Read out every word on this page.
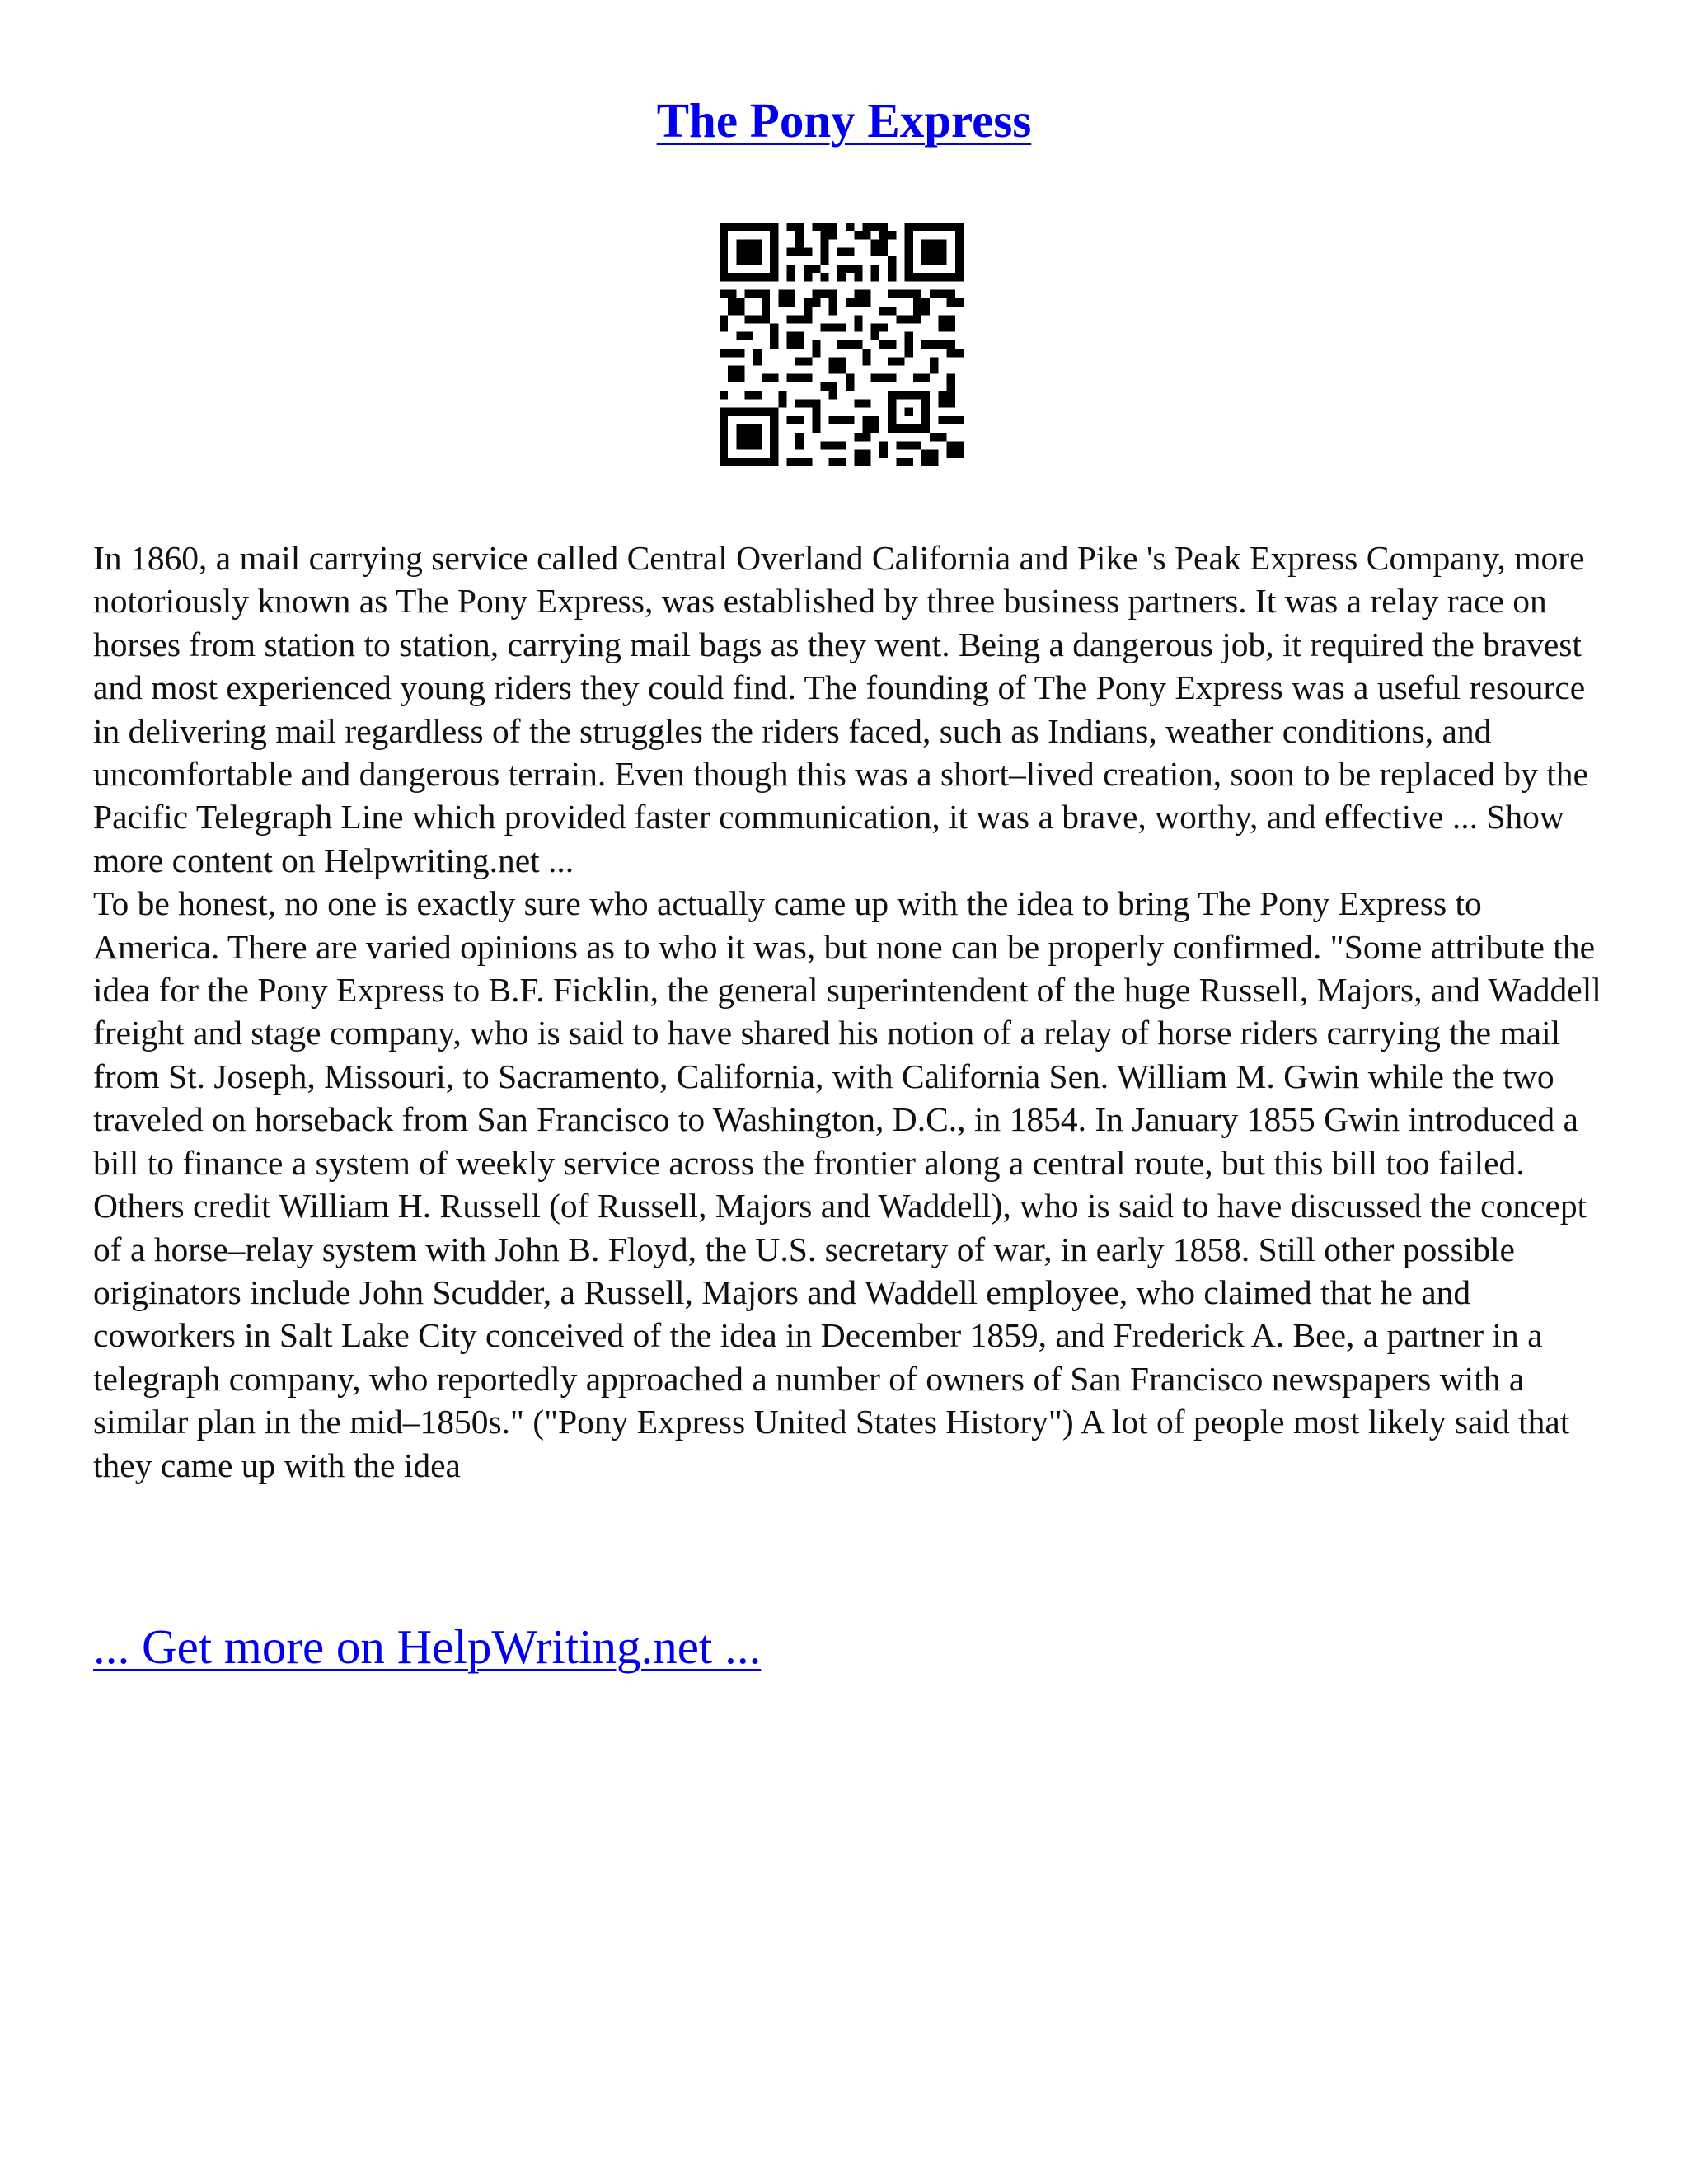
The Pony Express

In 1860, a mail carrying service called Central Overland California and Pike 's Peak Express Company, more notoriously known as The Pony Express, was established by three business partners. It was a relay race on horses from station to station, carrying mail bags as they went. Being a dangerous job, it required the bravest and most experienced young riders they could find. The founding of The Pony Express was a useful resource in delivering mail regardless of the struggles the riders faced, such as Indians, weather conditions, and uncomfortable and dangerous terrain. Even though this was a short–lived creation, soon to be replaced by the Pacific Telegraph Line which provided faster communication, it was a brave, worthy, and effective ... Show more content on Helpwriting.net ...

To be honest, no one is exactly sure who actually came up with the idea to bring The Pony Express to America. There are varied opinions as to who it was, but none can be properly confirmed. "Some attribute the idea for the Pony Express to B.F. Ficklin, the general superintendent of the huge Russell, Majors, and Waddell freight and stage company, who is said to have shared his notion of a relay of horse riders carrying the mail from St. Joseph, Missouri, to Sacramento, California, with California Sen. William M. Gwin while the two traveled on horseback from San Francisco to Washington, D.C., in 1854. In January 1855 Gwin introduced a bill to finance a system of weekly service across the frontier along a central route, but this bill too failed. Others credit William H. Russell (of Russell, Majors and Waddell), who is said to have discussed the concept of a horse–relay system with John B. Floyd, the U.S. secretary of war, in early 1858. Still other possible originators include John Scudder, a Russell, Majors and Waddell employee, who claimed that he and coworkers in Salt Lake City conceived of the idea in December 1859, and Frederick A. Bee, a partner in a telegraph company, who reportedly approached a number of owners of San Francisco newspapers with a similar plan in the mid–1850s." ("Pony Express United States History") A lot of people most likely said that they came up with the idea

... Get more on HelpWriting.net ...
